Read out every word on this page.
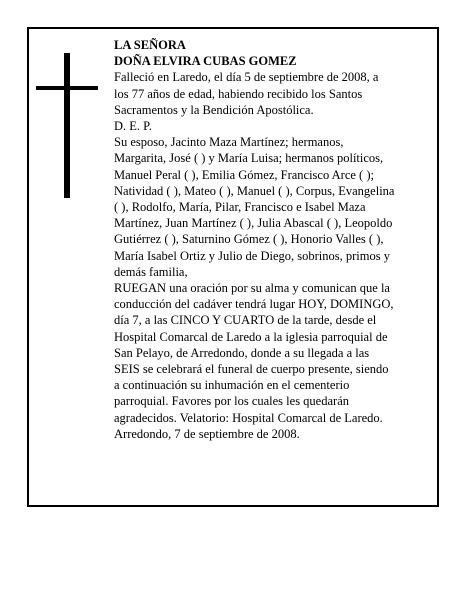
LA SEÑORA
DOÑA ELVIRA CUBAS GOMEZ
Falleció en Laredo, el día 5 de septiembre de 2008, a
los 77 años de edad, habiendo recibido los Santos
Sacramentos y la Bendición Apostólica.
D. E. P.
Su esposo, Jacinto Maza Martínez; hermanos,
Margarita, José ( ) y María Luisa; hermanos políticos,
Manuel Peral ( ), Emilia Gómez, Francisco Arce ( );
Natividad ( ), Mateo ( ), Manuel ( ), Corpus, Evangelina
( ), Rodolfo, María, Pilar, Francisco e Isabel Maza
Martínez, Juan Martínez ( ), Julia Abascal ( ), Leopoldo
Gutiérrez ( ), Saturnino Gómez ( ), Honorio Valles ( ),
María Isabel Ortiz y Julio de Diego, sobrinos, primos y
demás familia,
RUEGAN una oración por su alma y comunican que la
conducción del cadáver tendrá lugar HOY, DOMINGO,
día 7, a las CINCO Y CUARTO de la tarde, desde el
Hospital Comarcal de Laredo a la iglesia parroquial de
San Pelayo, de Arredondo, donde a su llegada a las
SEIS se celebrará el funeral de cuerpo presente, siendo
a continuación su inhumación en el cementerio
parroquial. Favores por los cuales les quedarán
agradecidos. Velatorio: Hospital Comarcal de Laredo.
Arredondo, 7 de septiembre de 2008.
